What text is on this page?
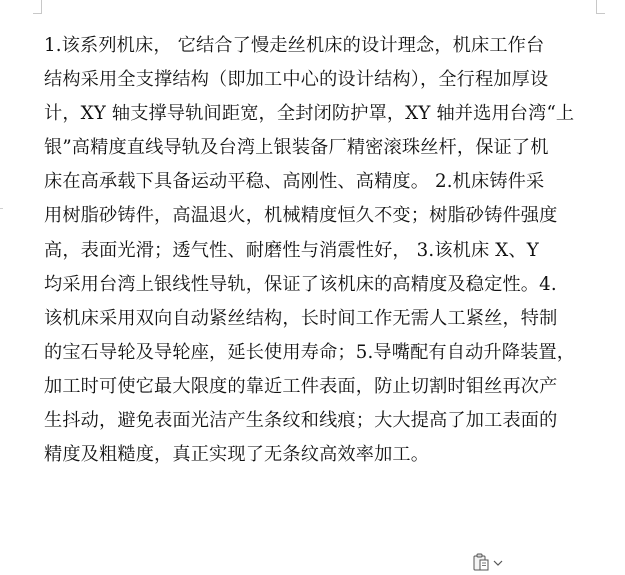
1.该系列机床， 它结合了慢走丝机床的设计理念，机床工作台
结构采用全支撑结构（即加工中心的设计结构），全行程加厚设
计，XY 轴支撑导轨间距宽，全封闭防护罩，XY 轴并选用台湾“上
银”高精度直线导轨及台湾上银装备厂精密滚珠丝杆，保证了机
床在高承载下具备运动平稳、高刚性、高精度。 2.机床铸件采
用树脂砂铸件，高温退火，机械精度恒久不变；树脂砂铸件强度
高，表面光滑；透气性、耐磨性与消震性好， 3.该机床 X、Y
均采用台湾上银线性导轨，保证了该机床的高精度及稳定性。4.
该机床采用双向自动紧丝结构，长时间工作无需人工紧丝，特制
的宝石导轮及导轮座，延长使用寿命；5.导嘴配有自动升降装置，
加工时可使它最大限度的靠近工件表面，防止切割时钼丝再次产
生抖动，避免表面光洁产生条纹和线痕；大大提高了加工表面的
精度及粗糙度，真正实现了无条纹高效率加工。
